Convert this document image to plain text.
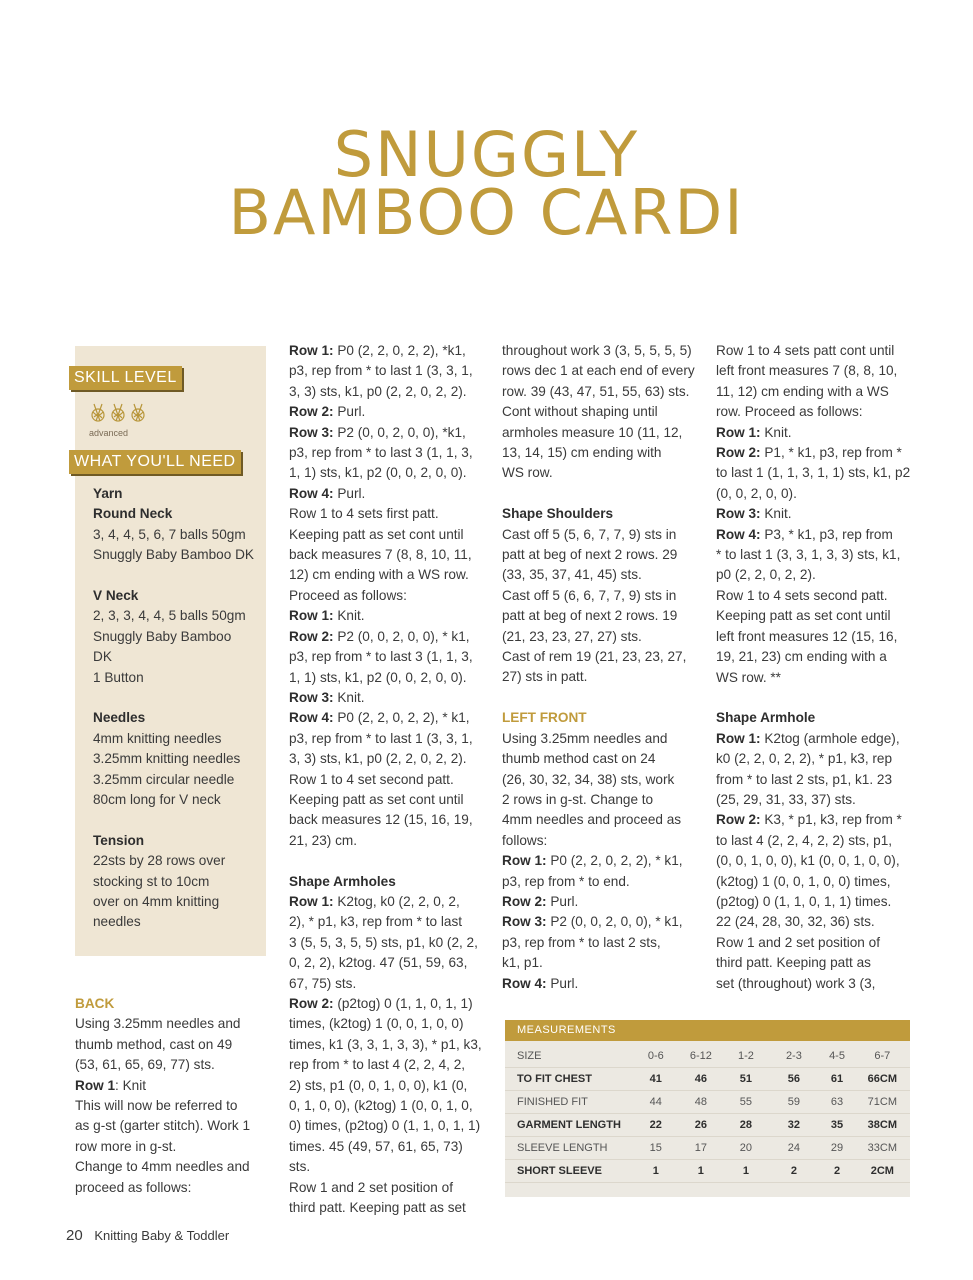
SNUGGLY
BAMBOO CARDI
SKILL LEVEL
advanced
WHAT YOU'LL NEED

Yarn

Round Neck

3, 4, 4, 5, 6, 7 balls 50gm

Snuggly Baby Bamboo DK

V Neck

2, 3, 3, 4, 4, 5 balls 50gm

Snuggly Baby Bamboo

DK

1 Button

Needles

4mm knitting needles

3.25mm knitting needles

3.25mm circular needle

80cm long for V neck

Tension

22sts by 28 rows over

stocking st to 10cm

over on 4mm knitting

needles

BACK

Using 3.25mm needles and

thumb method, cast on 49

(53, 61, 65, 69, 77) sts.

Row 1: Knit

This will now be referred to

as g-st (garter stitch). Work 1

row more in g-st.

Change to 4mm needles and

proceed as follows:

Row 1: P0 (2, 2, 0, 2, 2), *k1,

p3, rep from * to last 1 (3, 3, 1,

3, 3) sts, k1, p0 (2, 2, 0, 2, 2).

Row 2: Purl.

Row 3: P2 (0, 0, 2, 0, 0), *k1,

p3, rep from * to last 3 (1, 1, 3,

1, 1) sts, k1, p2 (0, 0, 2, 0, 0).

Row 4: Purl.

Row 1 to 4 sets first patt.

Keeping patt as set cont until

back measures 7 (8, 8, 10, 11,

12) cm ending with a WS row.

Proceed as follows:

Row 1: Knit.

Row 2: P2 (0, 0, 2, 0, 0), * k1,

p3, rep from * to last 3 (1, 1, 3,

1, 1) sts, k1, p2 (0, 0, 2, 0, 0).

Row 3: Knit.

Row 4: P0 (2, 2, 0, 2, 2), * k1,

p3, rep from * to last 1 (3, 3, 1,

3, 3) sts, k1, p0 (2, 2, 0, 2, 2).

Row 1 to 4 set second patt.

Keeping patt as set cont until

back measures 12 (15, 16, 19,

21, 23) cm.

Shape Armholes

Row 1: K2tog, k0 (2, 2, 0, 2,

2), * p1, k3, rep from * to last

3 (5, 5, 3, 5, 5) sts, p1, k0 (2, 2,

0, 2, 2), k2tog. 47 (51, 59, 63,

67, 75) sts.

Row 2: (p2tog) 0 (1, 1, 0, 1, 1)

times, (k2tog) 1 (0, 0, 1, 0, 0)

times, k1 (3, 3, 1, 3, 3), * p1, k3,

rep from * to last 4 (2, 2, 4, 2,

2) sts, p1 (0, 0, 1, 0, 0), k1 (0,

0, 1, 0, 0), (k2tog) 1 (0, 0, 1, 0,

0) times, (p2tog) 0 (1, 1, 0, 1, 1)

times. 45 (49, 57, 61, 65, 73) sts.

Row 1 and 2 set position of

third patt. Keeping patt as set

throughout work 3 (3, 5, 5, 5, 5)

rows dec 1 at each end of every

row. 39 (43, 47, 51, 55, 63) sts.

Cont without shaping until

armholes measure 10 (11, 12,

13, 14, 15) cm ending with

WS row.

Shape Shoulders

Cast off 5 (5, 6, 7, 7, 9) sts in

patt at beg of next 2 rows. 29

(33, 35, 37, 41, 45) sts.

Cast off 5 (6, 6, 7, 7, 9) sts in

patt at beg of next 2 rows. 19

(21, 23, 23, 27, 27) sts.

Cast of rem 19 (21, 23, 23, 27,

27) sts in patt.

LEFT FRONT

Using 3.25mm needles and

thumb method cast on 24

(26, 30, 32, 34, 38) sts, work

2 rows in g-st. Change to

4mm needles and proceed as

follows:

Row 1: P0 (2, 2, 0, 2, 2), * k1,

p3, rep from * to end.

Row 2: Purl.

Row 3: P2 (0, 0, 2, 0, 0), * k1,

p3, rep from * to last 2 sts,

k1, p1.

Row 4: Purl.

Row 1 to 4 sets patt cont until

left front measures 7 (8, 8, 10,

11, 12) cm ending with a WS

row. Proceed as follows:

Row 1: Knit.

Row 2: P1, * k1, p3, rep from *

to last 1 (1, 1, 3, 1, 1) sts, k1, p2

(0, 0, 2, 0, 0).

Row 3: Knit.

Row 4: P3, * k1, p3, rep from

* to last 1 (3, 3, 1, 3, 3) sts, k1,

p0 (2, 2, 0, 2, 2).

Row 1 to 4 sets second patt.

Keeping patt as set cont until

left front measures 12 (15, 16,

19, 21, 23) cm ending with a

WS row. **

Shape Armhole

Row 1: K2tog (armhole edge),

k0 (2, 2, 0, 2, 2), * p1, k3, rep

from * to last 2 sts, p1, k1. 23

(25, 29, 31, 33, 37) sts.

Row 2: K3, * p1, k3, rep from *

to last 4 (2, 2, 4, 2, 2) sts, p1,

(0, 0, 1, 0, 0), k1 (0, 0, 1, 0, 0),

(k2tog) 1 (0, 0, 1, 0, 0) times,

(p2tog) 0 (1, 1, 0, 1, 1) times.

22 (24, 28, 30, 32, 36) sts.

Row 1 and 2 set position of

third patt. Keeping patt as

set (throughout) work 3 (3,

MEASUREMENTS
SIZE	0-6	6-12	1-2	2-3	4-5	6-7
TO FIT CHEST	41	46	51	56	61	66CM
FINISHED FIT	44	48	55	59	63	71CM
GARMENT LENGTH	22	26	28	32	35	38CM
SLEEVE LENGTH	15	17	20	24	29	33CM
SHORT SLEEVE	1	1	1	2	2	2CM
20 Knitting Baby & Toddler
